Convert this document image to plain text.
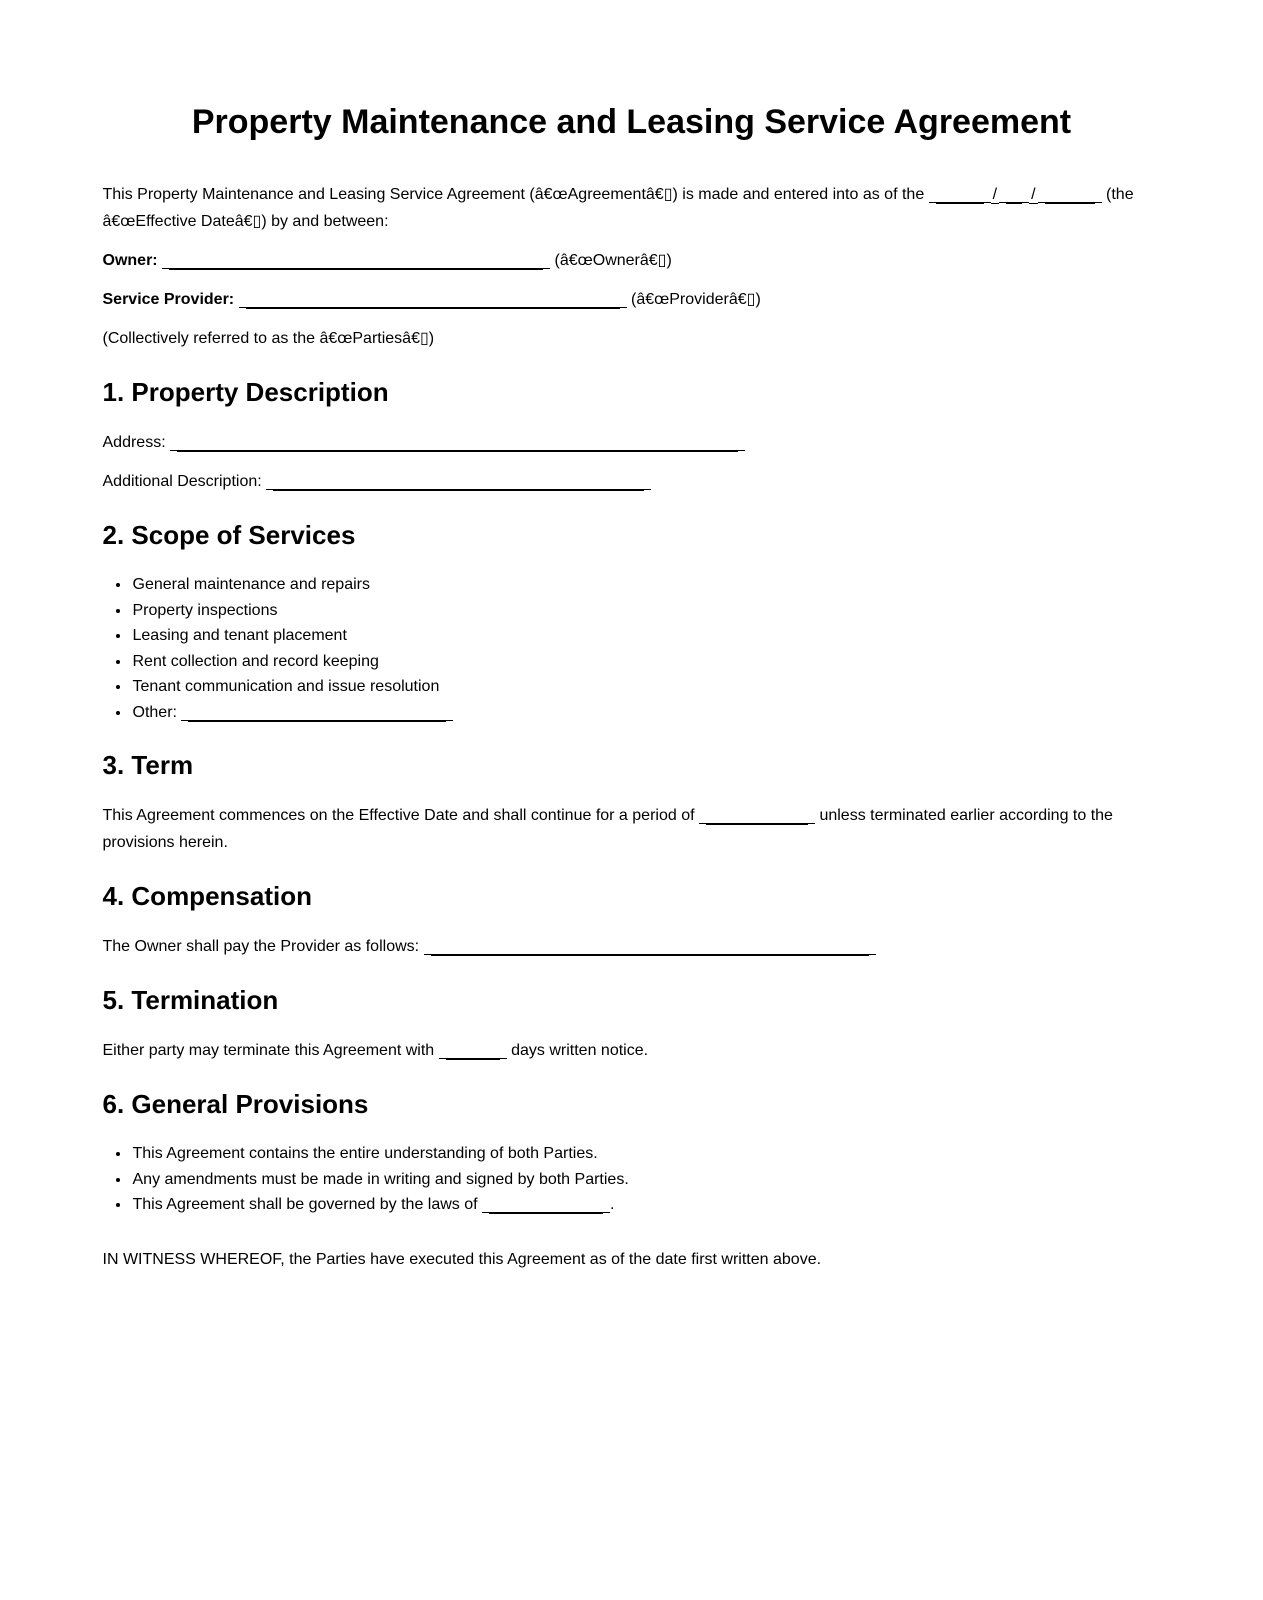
Property Maintenance and Leasing Service Agreement

This Property Maintenance and Leasing Service Agreement (â€œAgreementâ€▯) is made and entered into as of the	/ /	(the â€œEffective Dateâ€▯) by and between:

Owner:	(â€œOwnerâ€▯)

Service Provider:	(â€œProviderâ€▯)

(Collectively referred to as the â€œPartiesâ€▯)

1. Property Description

Address:

Additional Description:

2. Scope of Services
General maintenance and repairs
Property inspections
Leasing and tenant placement
Rent collection and record keeping
Tenant communication and issue resolution
Other:
3. Term

This Agreement commences on the Effective Date and shall continue for a period of	unless terminated earlier according to the provisions herein.

4. Compensation

The Owner shall pay the Provider as follows:

5. Termination

Either party may terminate this Agreement with	days written notice.

6. General Provisions
This Agreement contains the entire understanding of both Parties.
Any amendments must be made in writing and signed by both Parties.
This Agreement shall be governed by the laws of	.

IN WITNESS WHEREOF, the Parties have executed this Agreement as of the date first written above.
